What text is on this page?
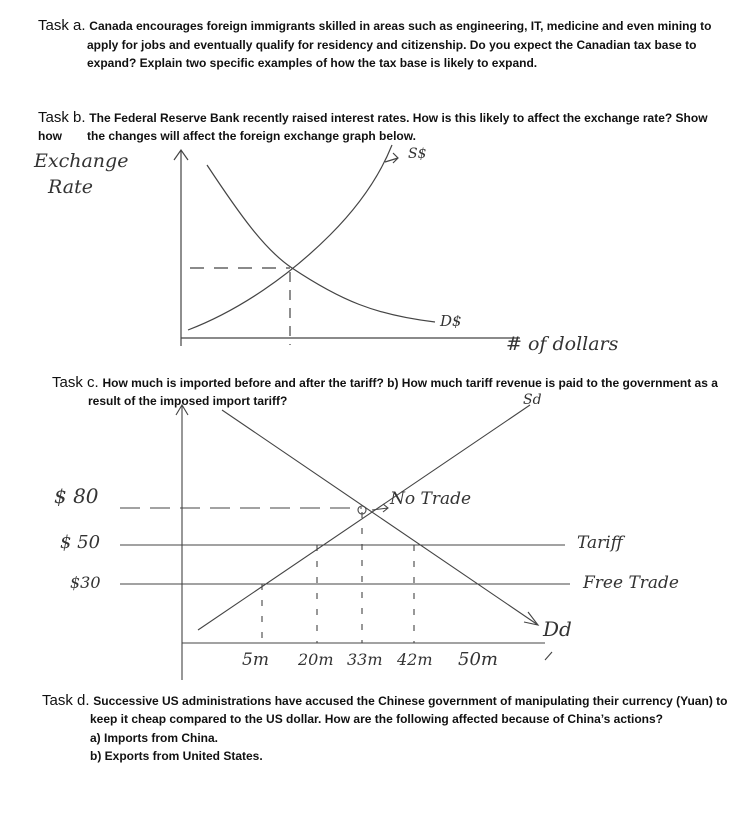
Task a. Canada encourages foreign immigrants skilled in areas such as engineering, IT, medicine and even mining to
apply for jobs and eventually qualify for residency and citizenship. Do you expect the Canadian tax base to
expand? Explain two specific examples of how the tax base is likely to expand.
Task b. The Federal Reserve Bank recently raised interest rates. How is this likely to affect the exchange rate? Show how	the changes will affect the foreign exchange graph below.
Task c. How much is imported before and after the tariff? b) How much tariff revenue is paid to the government as a
result of the imposed import tariff?
Task d. Successive US administrations have accused the Chinese government of manipulating their currency (Yuan) to
keep it cheap compared to the US dollar. How are the following affected because of China’s actions?
a) Imports from China.
b) Exports from United States.
Exchange
Rate
S$
D$
# of dollars
Sd
$ 80
$ 50
$30
No Trade
Tariff
Free Trade
Dd
5m 20m 33m 42m 50m
